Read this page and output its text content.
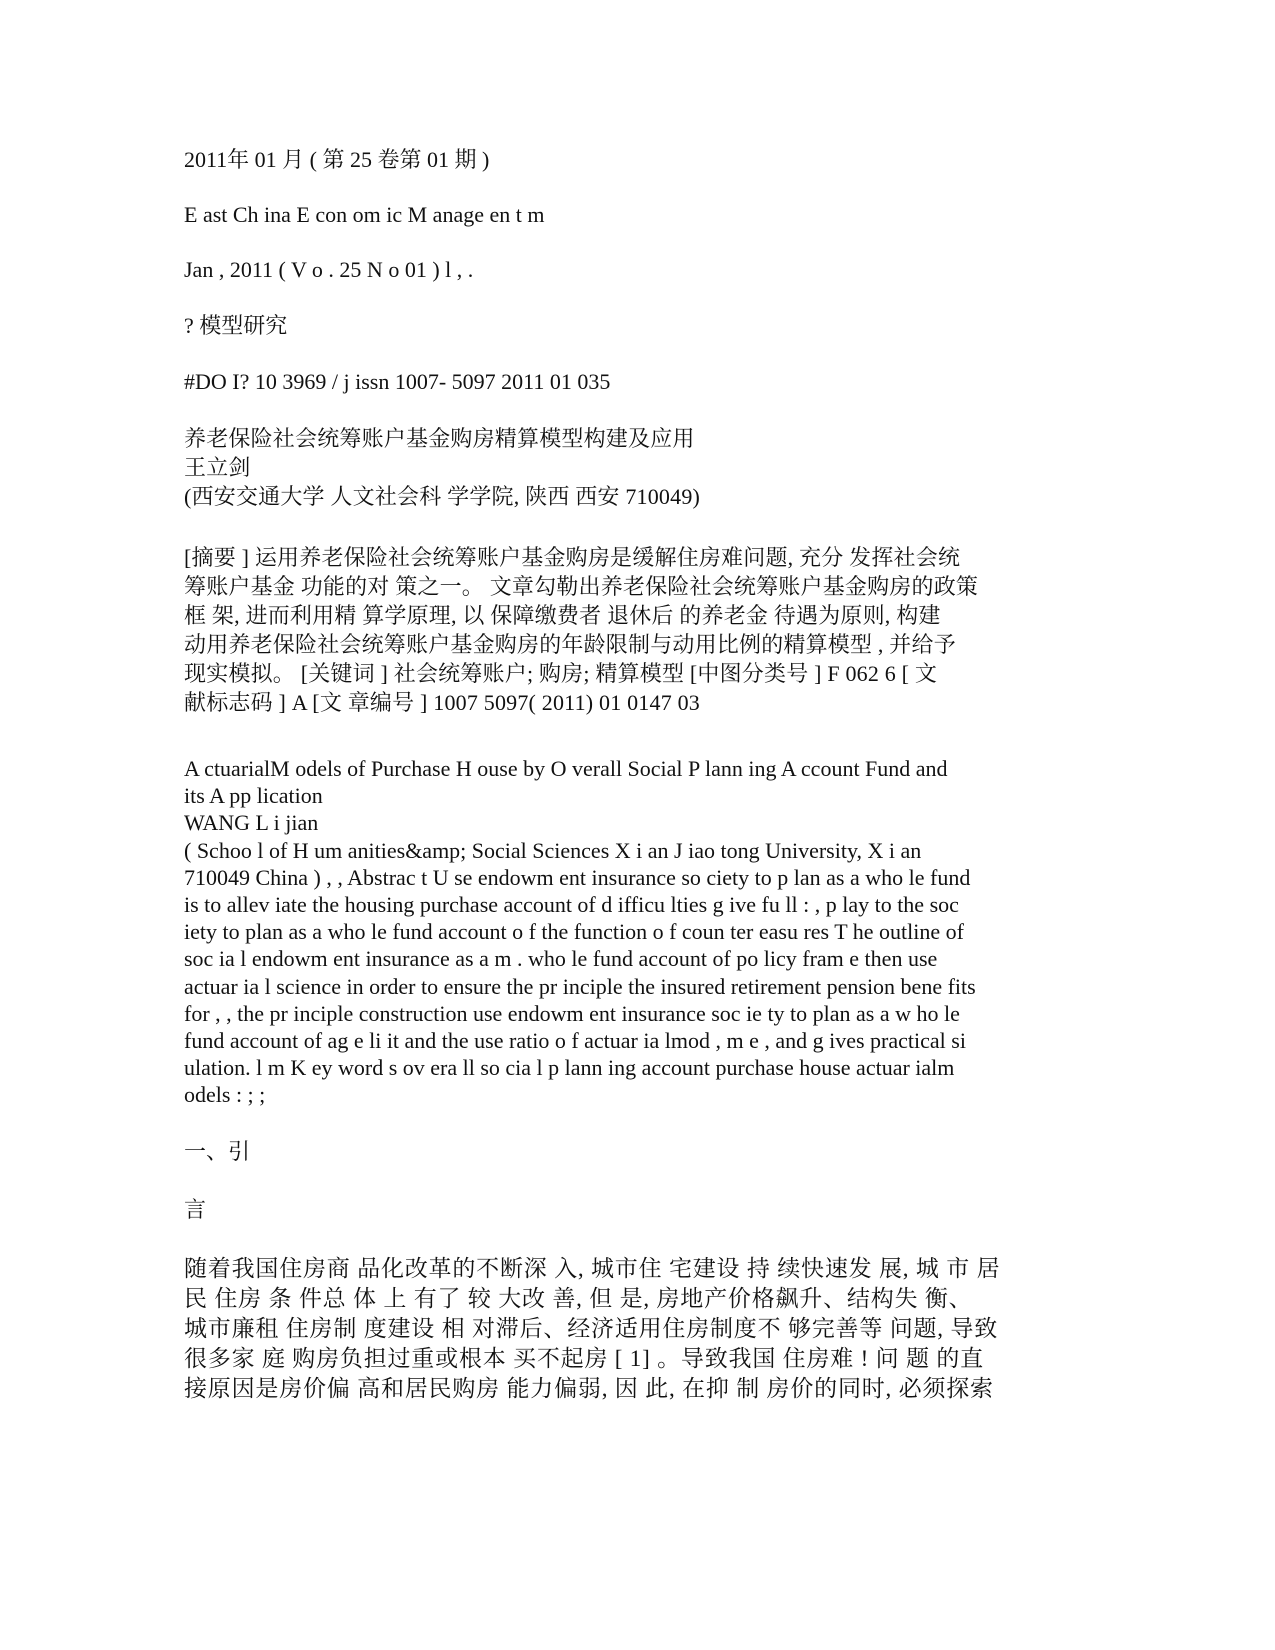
2011年 01 月 ( 第 25 卷第 01 期 )

E ast Ch ina E con om ic M anage en t m

Jan , 2011 ( V o . 25 N o 01 ) l , .

? 模型研究

#DO I? 10 3969 / j issn 1007- 5097 2011 01 035

养老保险社会统筹账户基金购房精算模型构建及应用
王立剑
(西安交通大学 人文社会科 学学院, 陕西 西安 710049)
[摘要 ] 运用养老保险社会统筹账户基金购房是缓解住房难问题, 充分 发挥社会统
筹账户基金 功能的对 策之一。 文章勾勒出养老保险社会统筹账户基金购房的政策
框 架, 进而利用精 算学原理, 以 保障缴费者 退休后 的养老金 待遇为原则, 构建
动用养老保险社会统筹账户基金购房的年龄限制与动用比例的精算模型 , 并给予
现实模拟。 [关键词 ] 社会统筹账户; 购房; 精算模型 [中图分类号 ] F 062 6 [ 文
献标志码 ] A [文 章编号 ] 1007 5097( 2011) 01 0147 03
A ctuarialM odels of Purchase H ouse by O verall Social P lann ing A ccount Fund and
its A pp lication
WANG L i jian
( Schoo l of H um anities&amp; Social Sciences X i an J iao tong University, X i an
710049 China ) , , Abstrac t U se endowm ent insurance so ciety to p lan as a who le fund
is to allev iate the housing purchase account of d ifficu lties g ive fu ll : , p lay to the soc
iety to plan as a who le fund account o f the function o f coun ter easu res T he outline of
soc ia l endowm ent insurance as a m . who le fund account of po licy fram e then use
actuar ia l science in order to ensure the pr inciple the insured retirement pension bene fits
for , , the pr inciple construction use endowm ent insurance soc ie ty to plan as a w ho le
fund account of ag e li it and the use ratio o f actuar ia lmod , m e , and g ives practical si
ulation. l m K ey word s ov era ll so cia l p lann ing account purchase house actuar ialm
odels : ; ;

一、引

言

随着我国住房商 品化改革的不断深 入, 城市住 宅建设 持 续快速发 展, 城 市 居
民 住房 条 件总 体 上 有了 较 大改 善, 但 是, 房地产价格飙升、结构失 衡、
城市廉租 住房制 度建设 相 对滞后、经济适用住房制度不 够完善等 问题, 导致
很多家 庭 购房负担过重或根本 买不起房 [ 1] 。导致我国 住房难 ! 问 题 的直
接原因是房价偏 高和居民购房 能力偏弱, 因 此, 在抑 制 房价的同时, 必须探索
